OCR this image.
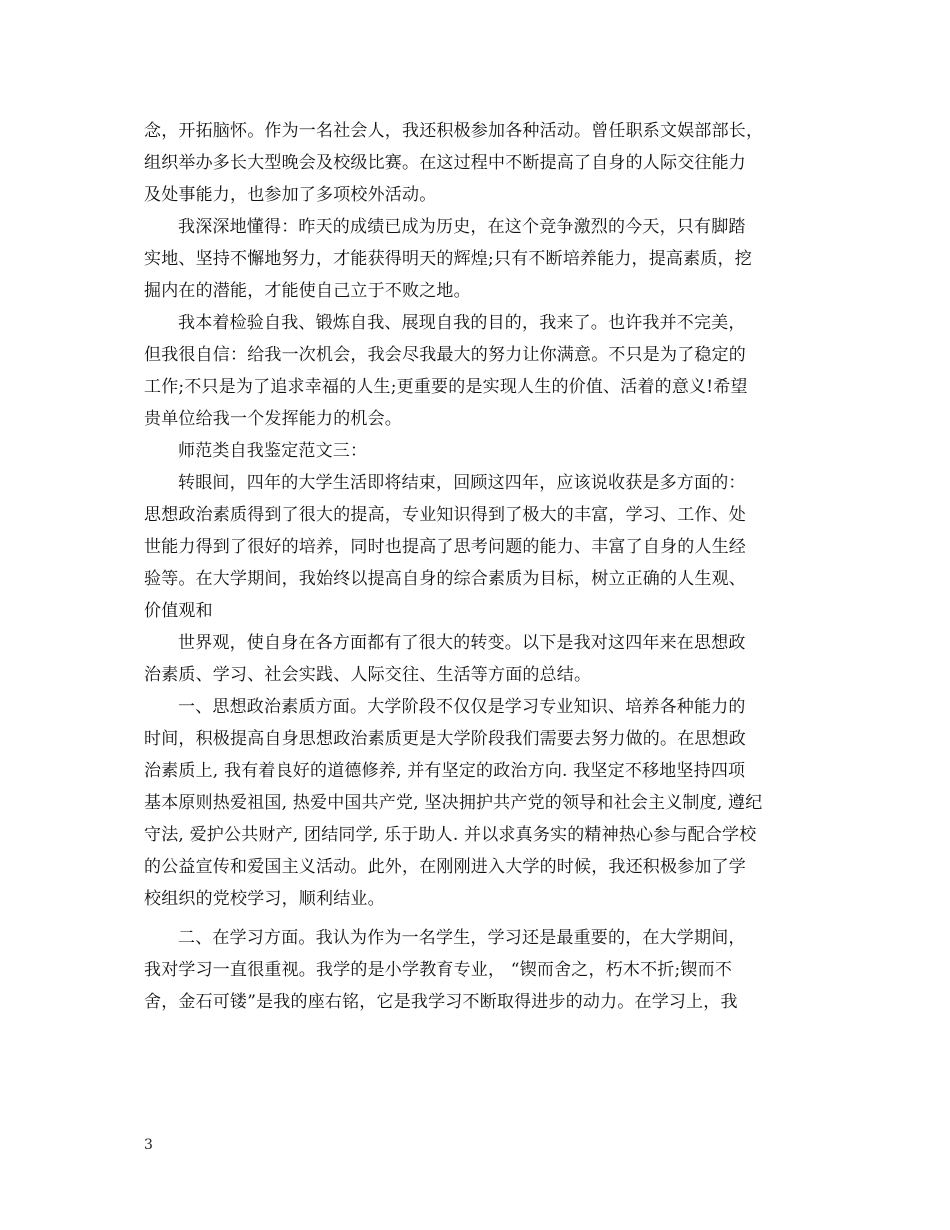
念，开拓脑怀。作为一名社会人，我还积极参加各种活动。曾任职系文娱部部长，
组织举办多长大型晚会及校级比赛。在这过程中不断提高了自身的人际交往能力
及处事能力，也参加了多项校外活动。
我深深地懂得：昨天的成绩已成为历史，在这个竞争激烈的今天，只有脚踏
实地、坚持不懈地努力，才能获得明天的辉煌;只有不断培养能力，提高素质，挖
掘内在的潜能，才能使自己立于不败之地。
我本着检验自我、锻炼自我、展现自我的目的，我来了。也许我并不完美，
但我很自信：给我一次机会，我会尽我最大的努力让你满意。不只是为了稳定的
工作;不只是为了追求幸福的人生;更重要的是实现人生的价值、活着的意义!希望
贵单位给我一个发挥能力的机会。
师范类自我鉴定范文三：
转眼间，四年的大学生活即将结束，回顾这四年，应该说收获是多方面的：
思想政治素质得到了很大的提高，专业知识得到了极大的丰富，学习、工作、处
世能力得到了很好的培养，同时也提高了思考问题的能力、丰富了自身的人生经
验等。在大学期间，我始终以提高自身的综合素质为目标，树立正确的人生观、
价值观和
世界观，使自身在各方面都有了很大的转变。以下是我对这四年来在思想政
治素质、学习、社会实践、人际交往、生活等方面的总结。
一、思想政治素质方面。大学阶段不仅仅是学习专业知识、培养各种能力的
时间，积极提高自身思想政治素质更是大学阶段我们需要去努力做的。在思想政
治素质上, 我有着良好的道德修养, 并有坚定的政治方向. 我坚定不移地坚持四项
基本原则热爱祖国, 热爱中国共产党, 坚决拥护共产党的领导和社会主义制度, 遵纪
守法, 爱护公共财产, 团结同学, 乐于助人. 并以求真务实的精神热心参与配合学校
的公益宣传和爱国主义活动。此外，在刚刚进入大学的时候，我还积极参加了学
校组织的党校学习，顺利结业。
二、在学习方面。我认为作为一名学生，学习还是最重要的，在大学期间，
我对学习一直很重视。我学的是小学教育专业， “锲而舍之，朽木不折;锲而不
舍，金石可镂”是我的座右铭，它是我学习不断取得进步的动力。在学习上，我
3
